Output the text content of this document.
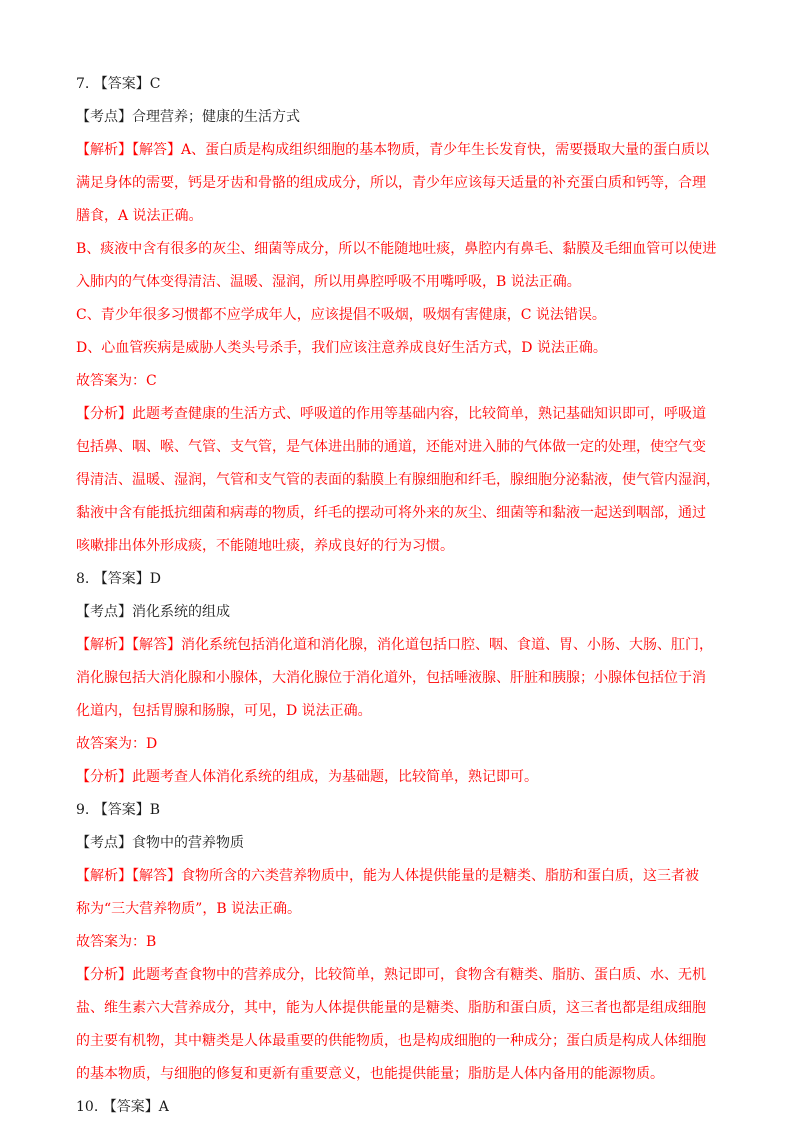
7. 【答案】C
【考点】合理营养；健康的生活方式
【解析】【解答】A、蛋白质是构成组织细胞的基本物质，青少年生长发育快，需要摄取大量的蛋白质以
满足身体的需要，钙是牙齿和骨骼的组成成分，所以，青少年应该每天适量的补充蛋白质和钙等，合理
膳食，A 说法正确。
B、痰液中含有很多的灰尘、细菌等成分，所以不能随地吐痰，鼻腔内有鼻毛、黏膜及毛细血管可以使进
入肺内的气体变得清洁、温暖、湿润，所以用鼻腔呼吸不用嘴呼吸，B 说法正确。
C、青少年很多习惯都不应学成年人，应该提倡不吸烟，吸烟有害健康，C 说法错误。
D、心血管疾病是威胁人类头号杀手，我们应该注意养成良好生活方式，D 说法正确。
故答案为：C
【分析】此题考查健康的生活方式、呼吸道的作用等基础内容，比较简单，熟记基础知识即可，呼吸道
包括鼻、咽、喉、气管、支气管，是气体进出肺的通道，还能对进入肺的气体做一定的处理，使空气变
得清洁、温暖、湿润，气管和支气管的表面的黏膜上有腺细胞和纤毛，腺细胞分泌黏液，使气管内湿润，
黏液中含有能抵抗细菌和病毒的物质，纤毛的摆动可将外来的灰尘、细菌等和黏液一起送到咽部，通过
咳嗽排出体外形成痰，不能随地吐痰，养成良好的行为习惯。
8. 【答案】D
【考点】消化系统的组成
【解析】【解答】消化系统包括消化道和消化腺，消化道包括口腔、咽、食道、胃、小肠、大肠、肛门，
消化腺包括大消化腺和小腺体，大消化腺位于消化道外，包括唾液腺、肝脏和胰腺；小腺体包括位于消
化道内，包括胃腺和肠腺，可见，D 说法正确。
故答案为：D
【分析】此题考查人体消化系统的组成，为基础题，比较简单，熟记即可。
9. 【答案】B
【考点】食物中的营养物质
【解析】【解答】食物所含的六类营养物质中，能为人体提供能量的是糖类、脂肪和蛋白质，这三者被
称为“三大营养物质”，B 说法正确。
故答案为：B
【分析】此题考查食物中的营养成分，比较简单，熟记即可，食物含有糖类、脂肪、蛋白质、水、无机
盐、维生素六大营养成分，其中，能为人体提供能量的是糖类、脂肪和蛋白质，这三者也都是组成细胞
的主要有机物，其中糖类是人体最重要的供能物质，也是构成细胞的一种成分；蛋白质是构成人体细胞
的基本物质，与细胞的修复和更新有重要意义，也能提供能量；脂肪是人体内备用的能源物质。
10. 【答案】A
